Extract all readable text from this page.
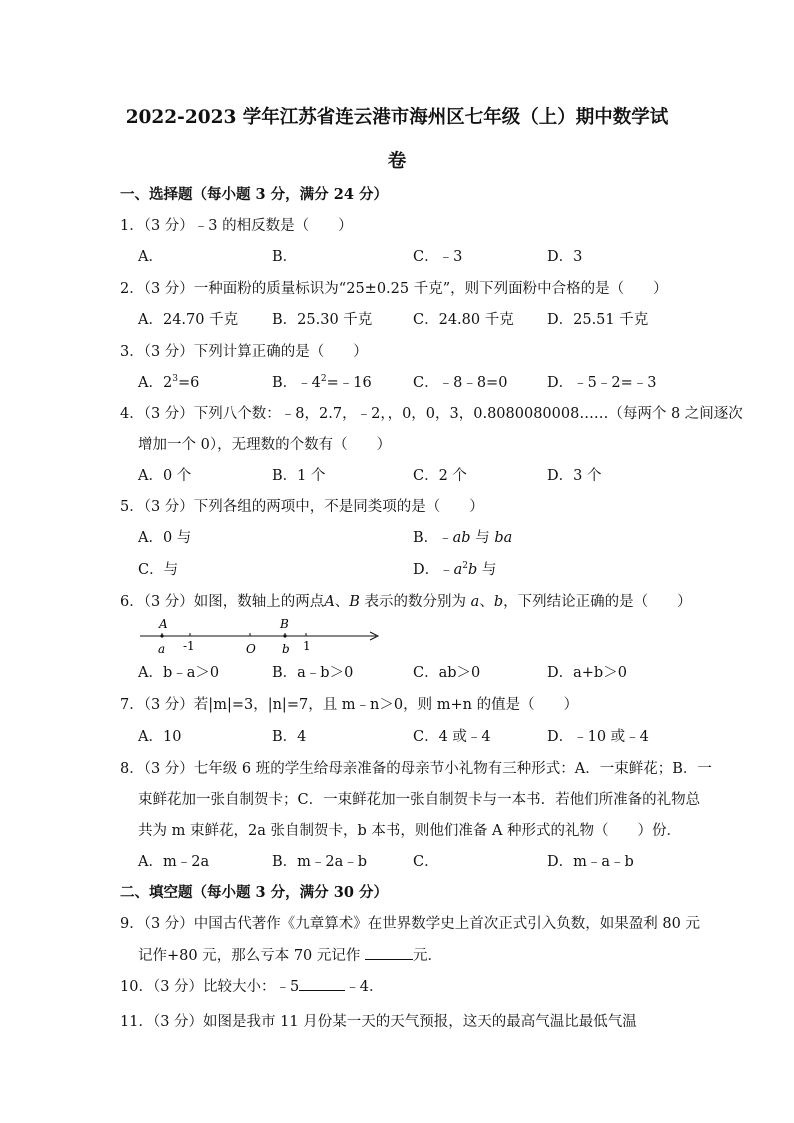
2022-2023 学年江苏省连云港市海州区七年级（上）期中数学试
卷
一、选择题（每小题 3 分，满分 24 分）
1．（3 分）﹣3 的相反数是（　　）
A．	B．	C．﹣3	D．3
2．（3 分）一种面粉的质量标识为“25±0.25 千克”，则下列面粉中合格的是（　　）
A．24.70 千克 B．25.30 千克	C．24.80 千克 D．25.51 千克
3．（3 分）下列计算正确的是（　　）
A．$2^3=6$	B．$﹣4^2=﹣16$	C．﹣8﹣8=0	D．﹣5﹣2=﹣3
4．（3 分）下列八个数：﹣8，2.7，﹣2，，0，0，3，0.8080080008……（每两个 8 之间逐次
增加一个 0），无理数的个数有（　　）
A．0 个	B．1 个	C．2 个	D．3 个
5．（3 分）下列各组的两项中，不是同类项的是（　　）
A．0 与	B．﹣ab 与 ba
C．与	D．$﹣a^2b$ 与
6．（3 分）如图，数轴上的两点A、B 表示的数分别为 a、b，下列结论正确的是（　　）
A
a -1	O
B
b 1
A．b﹣a＞0	B．a﹣b＞0	C．ab＞0	D．a+b＞0
7．（3 分）若|m|=3，|n|=7，且 m﹣n＞0，则 m+n 的值是（　　）
A．10	B．4	C．4 或﹣4	D．﹣10 或﹣4
8．（3 分）七年级 6 班的学生给母亲准备的母亲节小礼物有三种形式：A．一束鲜花；B．一
束鲜花加一张自制贺卡；C．一束鲜花加一张自制贺卡与一本书．若他们所准备的礼物总
共为 m 束鲜花，2a 张自制贺卡，b 本书，则他们准备 A 种形式的礼物（　　）份．
A．m﹣2a	B．m﹣2a﹣b	C．	D．m﹣a﹣b
二、填空题（每小题 3 分，满分 30 分）
9．（3 分）中国古代著作《九章算术》在世界数学史上首次正式引入负数，如果盈利 80 元
记作+80 元，那么亏本 70 元记作	元．
10．（3 分）比较大小：﹣5	﹣4．
11．（3 分）如图是我市 11 月份某一天的天气预报，这天的最高气温比最低气温
